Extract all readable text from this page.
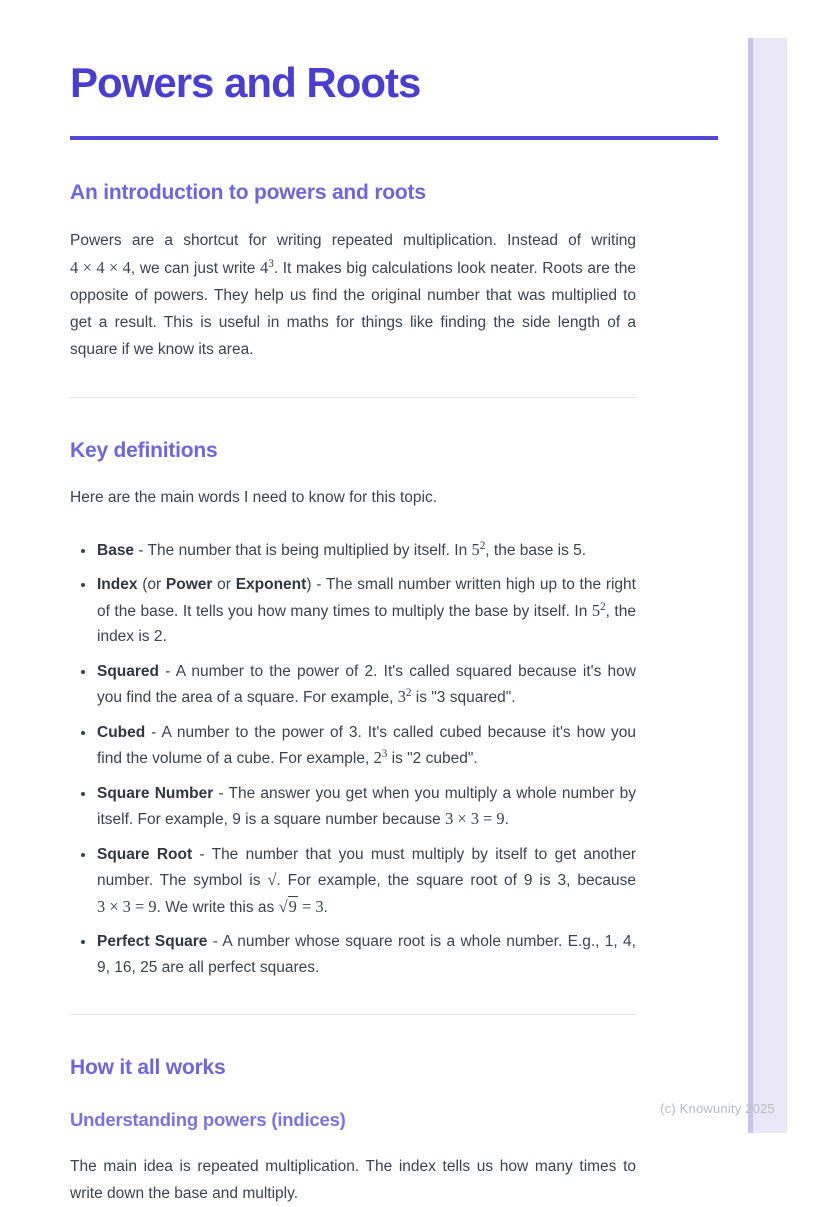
Powers and Roots
An introduction to powers and roots

Powers are a shortcut for writing repeated multiplication. Instead of writing 4 × 4 × 4, we can just write $4^3$. It makes big calculations look neater. Roots are the opposite of powers. They help us find the original number that was multiplied to get a result. This is useful in maths for things like finding the side length of a square if we know its area.

Key definitions

Here are the main words I need to know for this topic.

• Base - The number that is being multiplied by itself. In $5^2$, the base is 5.
• Index (or Power or Exponent) - The small number written high up to the right of the base. It tells you how many times to multiply the base by itself. In $5^2$, the index is 2.
• Squared - A number to the power of 2. It's called squared because it's how you find the area of a square. For example, $3^2$ is "3 squared".
• Cubed - A number to the power of 3. It's called cubed because it's how you find the volume of a cube. For example, $2^3$ is "2 cubed".
• Square Number - The answer you get when you multiply a whole number by itself. For example, 9 is a square number because 3 × 3 = 9.
• Square Root - The number that you must multiply by itself to get another number. The symbol is √. For example, the square root of 9 is 3, because 3 × 3 = 9. We write this as √9 = 3.
• Perfect Square - A number whose square root is a whole number. E.g., 1, 4, 9, 16, 25 are all perfect squares.
How it all works
Understanding powers (indices)

The main idea is repeated multiplication. The index tells us how many times to write down the base and multiply.

(c) Knowunity 2025
